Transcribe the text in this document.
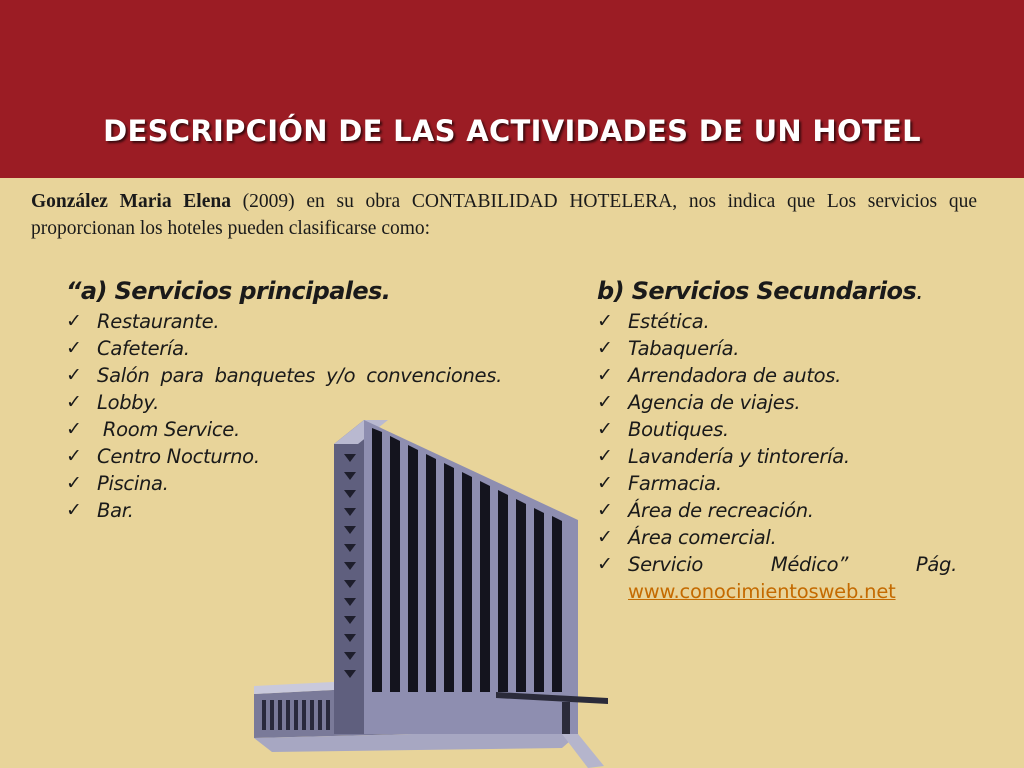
DESCRIPCIÓN DE LAS ACTIVIDADES DE UN HOTEL
González Maria Elena (2009) en su obra CONTABILIDAD HOTELERA, nos indica que Los servicios que proporcionan los hoteles pueden clasificarse como:
“a) Servicios principales.
✓ Restaurante.
✓ Cafetería.
✓ Salón para banquetes y/o convenciones.
✓ Lobby.
✓ Room Service.
✓ Centro Nocturno.
✓ Piscina.
✓ Bar.
b) Servicios Secundarios.
✓ Estética.
✓ Tabaquería.
✓ Arrendadora de autos.
✓ Agencia de viajes.
✓ Boutiques.
✓ Lavandería y tintorería.
✓ Farmacia.
✓ Área de recreación.
✓ Área comercial.
✓ Servicio Médico” Pág.
www.conocimientosweb.net
